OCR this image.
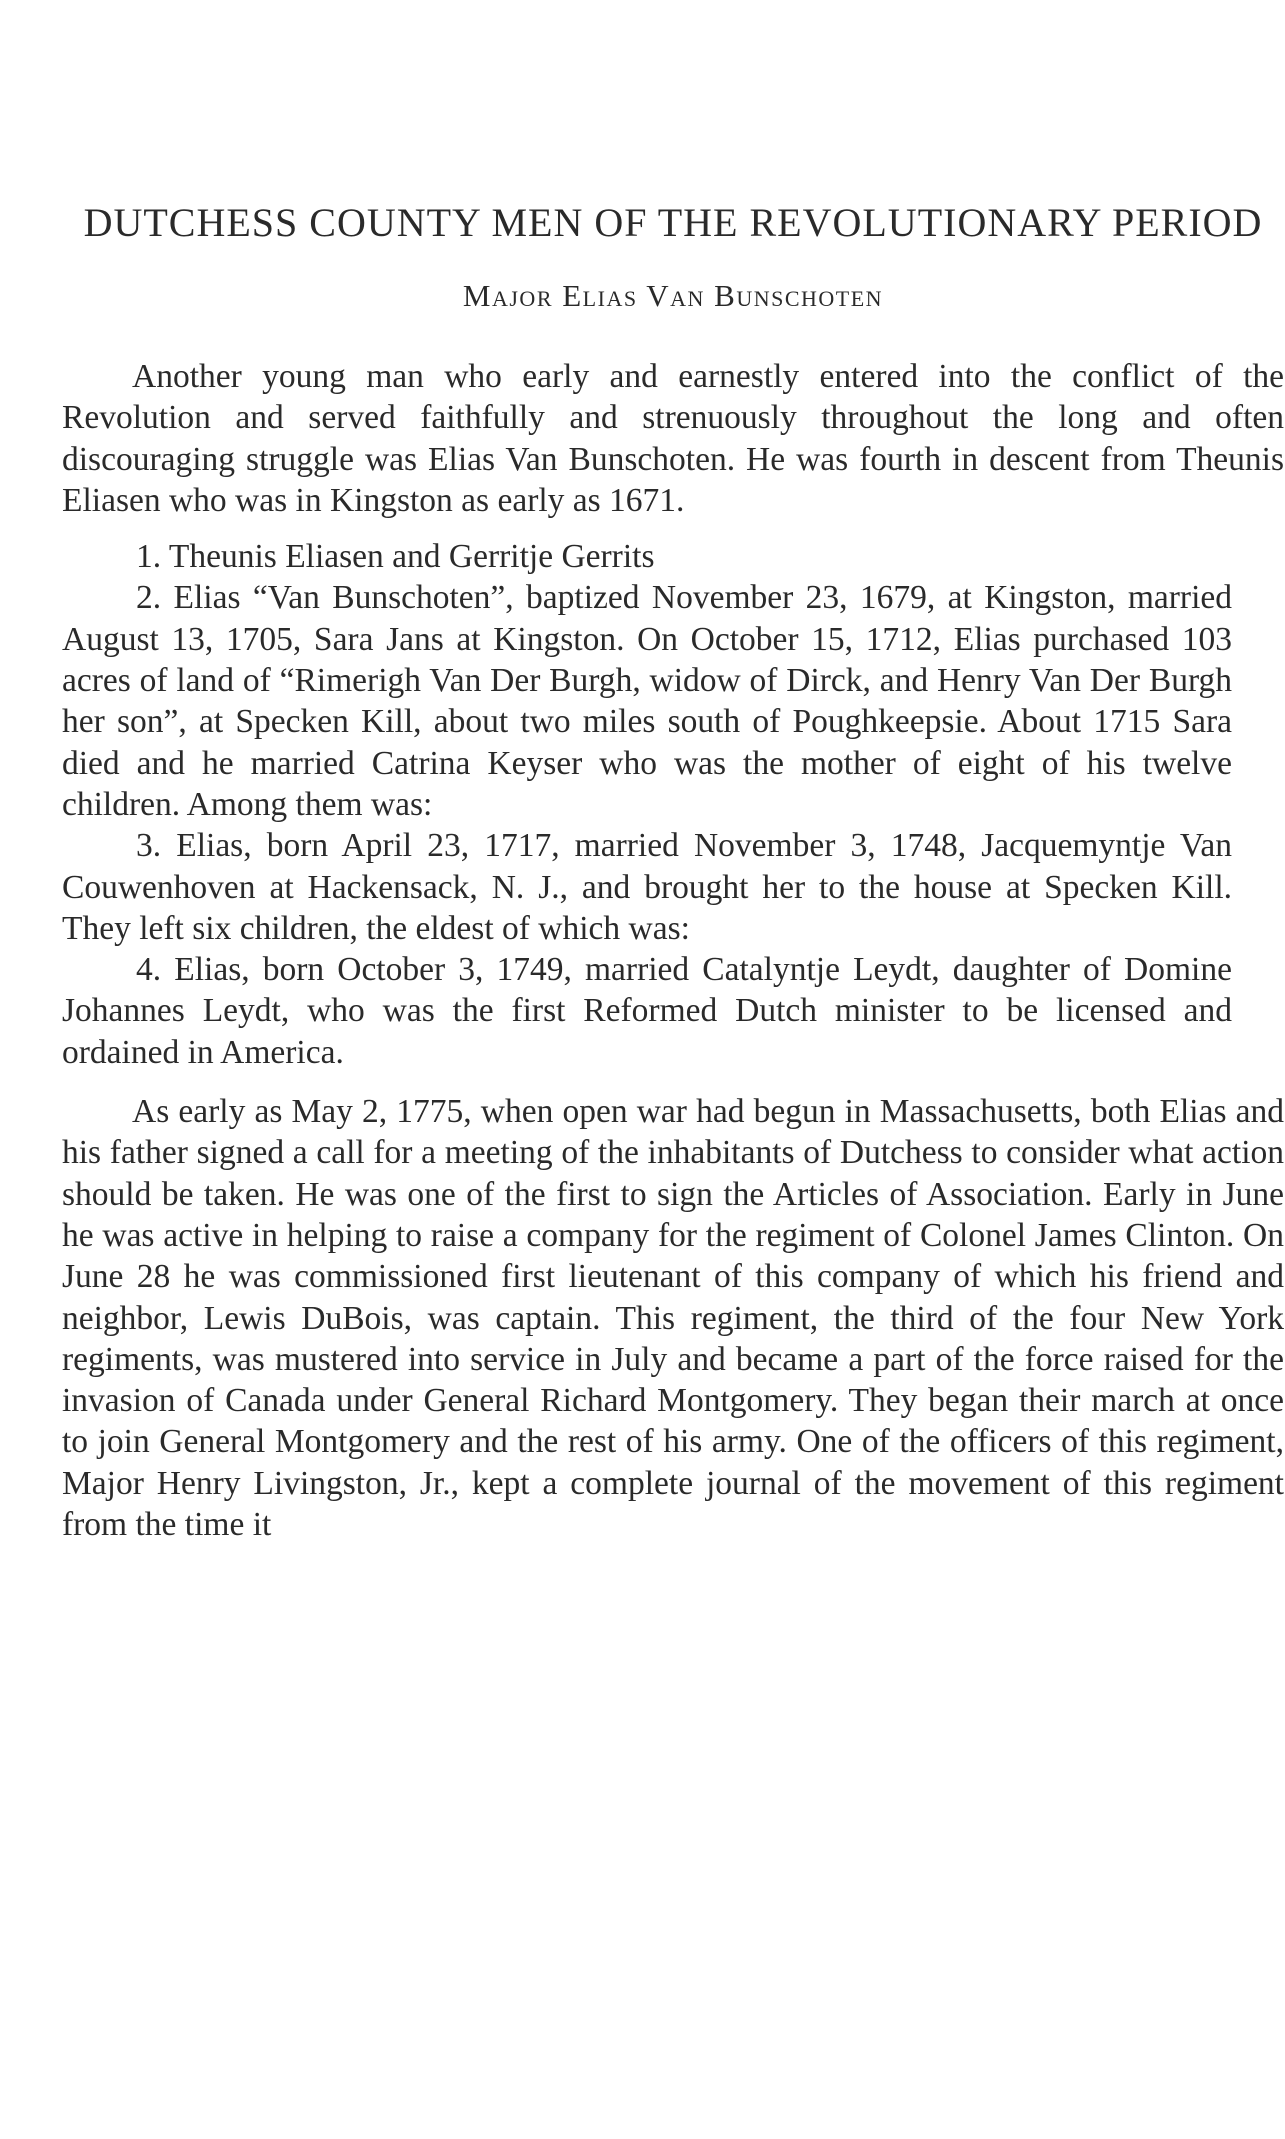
DUTCHESS COUNTY MEN OF THE REVOLUTIONARY PERIOD
Major Elias Van Bunschoten

Another young man who early and earnestly entered into the conflict of the Revolution and served faithfully and strenuously throughout the long and often discouraging struggle was Elias Van Bunschoten. He was fourth in descent from Theunis Eliasen who was in Kingston as early as 1671.

1. Theunis Eliasen and Gerritje Gerrits

2. Elias “Van Bunschoten”, baptized November 23, 1679, at Kingston, married August 13, 1705, Sara Jans at Kingston. On October 15, 1712, Elias purchased 103 acres of land of “Rimerigh Van Der Burgh, widow of Dirck, and Henry Van Der Burgh her son”, at Specken Kill, about two miles south of Poughkeepsie. About 1715 Sara died and he married Catrina Keyser who was the mother of eight of his twelve children. Among them was:

3. Elias, born April 23, 1717, married November 3, 1748, Jacquemyntje Van Couwenhoven at Hackensack, N. J., and brought her to the house at Specken Kill. They left six children, the eldest of which was:

4. Elias, born October 3, 1749, married Catalyntje Leydt, daughter of Domine Johannes Leydt, who was the first Reformed Dutch minister to be licensed and ordained in America.

As early as May 2, 1775, when open war had begun in Massachusetts, both Elias and his father signed a call for a meeting of the inhabitants of Dutchess to consider what action should be taken. He was one of the first to sign the Articles of Association. Early in June he was active in helping to raise a company for the regiment of Colonel James Clinton. On June 28 he was commissioned first lieutenant of this company of which his friend and neighbor, Lewis DuBois, was captain. This regiment, the third of the four New York regiments, was mustered into service in July and became a part of the force raised for the invasion of Canada under General Richard Montgomery. They began their march at once to join General Montgomery and the rest of his army. One of the officers of this regiment, Major Henry Livingston, Jr., kept a complete journal of the movement of this regiment from the time it
